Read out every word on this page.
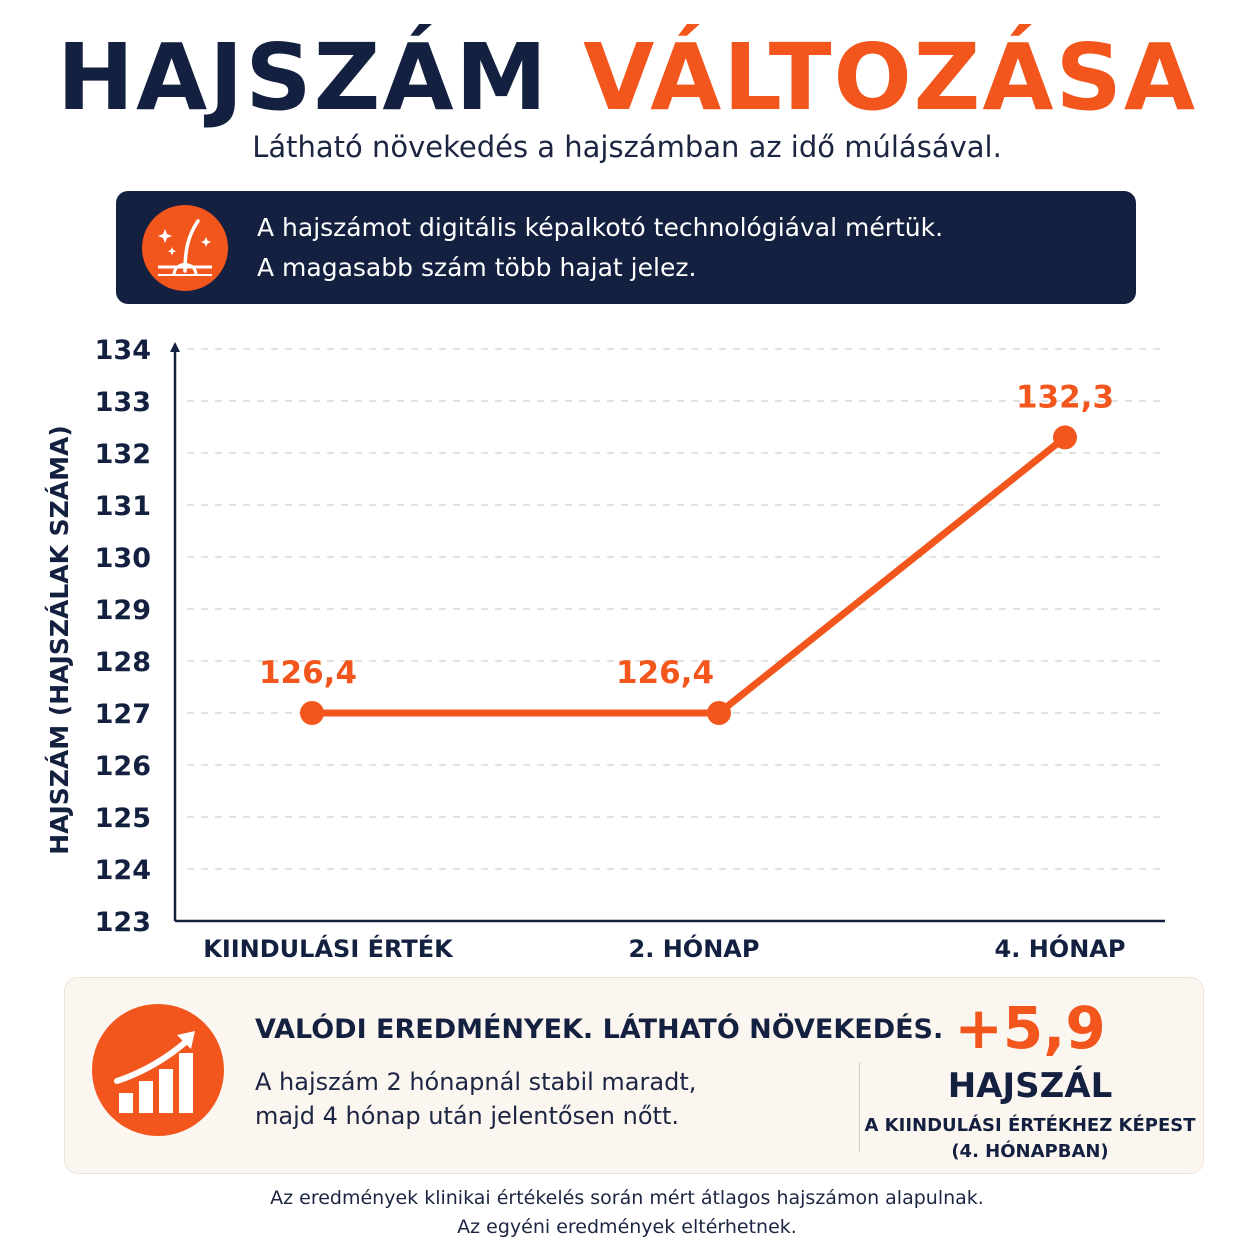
HAJSZÁM VÁLTOZÁSA

Látható növekedés a hajszámban az idő múlásával.

A hajszámot digitális képalkotó technológiával mértük.
A magasabb szám több hajat jelez.
123
124
125
126
127
128
129
130
131
132
133
134
HAJSZÁM (HAJSZÁLAK SZÁMA)
KIINDULÁSI ÉRTÉK	2. HÓNAP	4. HÓNAP
126,4	126,4
132,3
VALÓDI EREDMÉNYEK. LÁTHATÓ NÖVEKEDÉS.
A hajszám 2 hónapnál stabil maradt,
majd 4 hónap után jelentősen nőtt.
+5,9
HAJSZÁL
A KIINDULÁSI ÉRTÉKHEZ KÉPEST
(4. HÓNAPBAN)
Az eredmények klinikai értékelés során mért átlagos hajszámon alapulnak.
Az egyéni eredmények eltérhetnek.
